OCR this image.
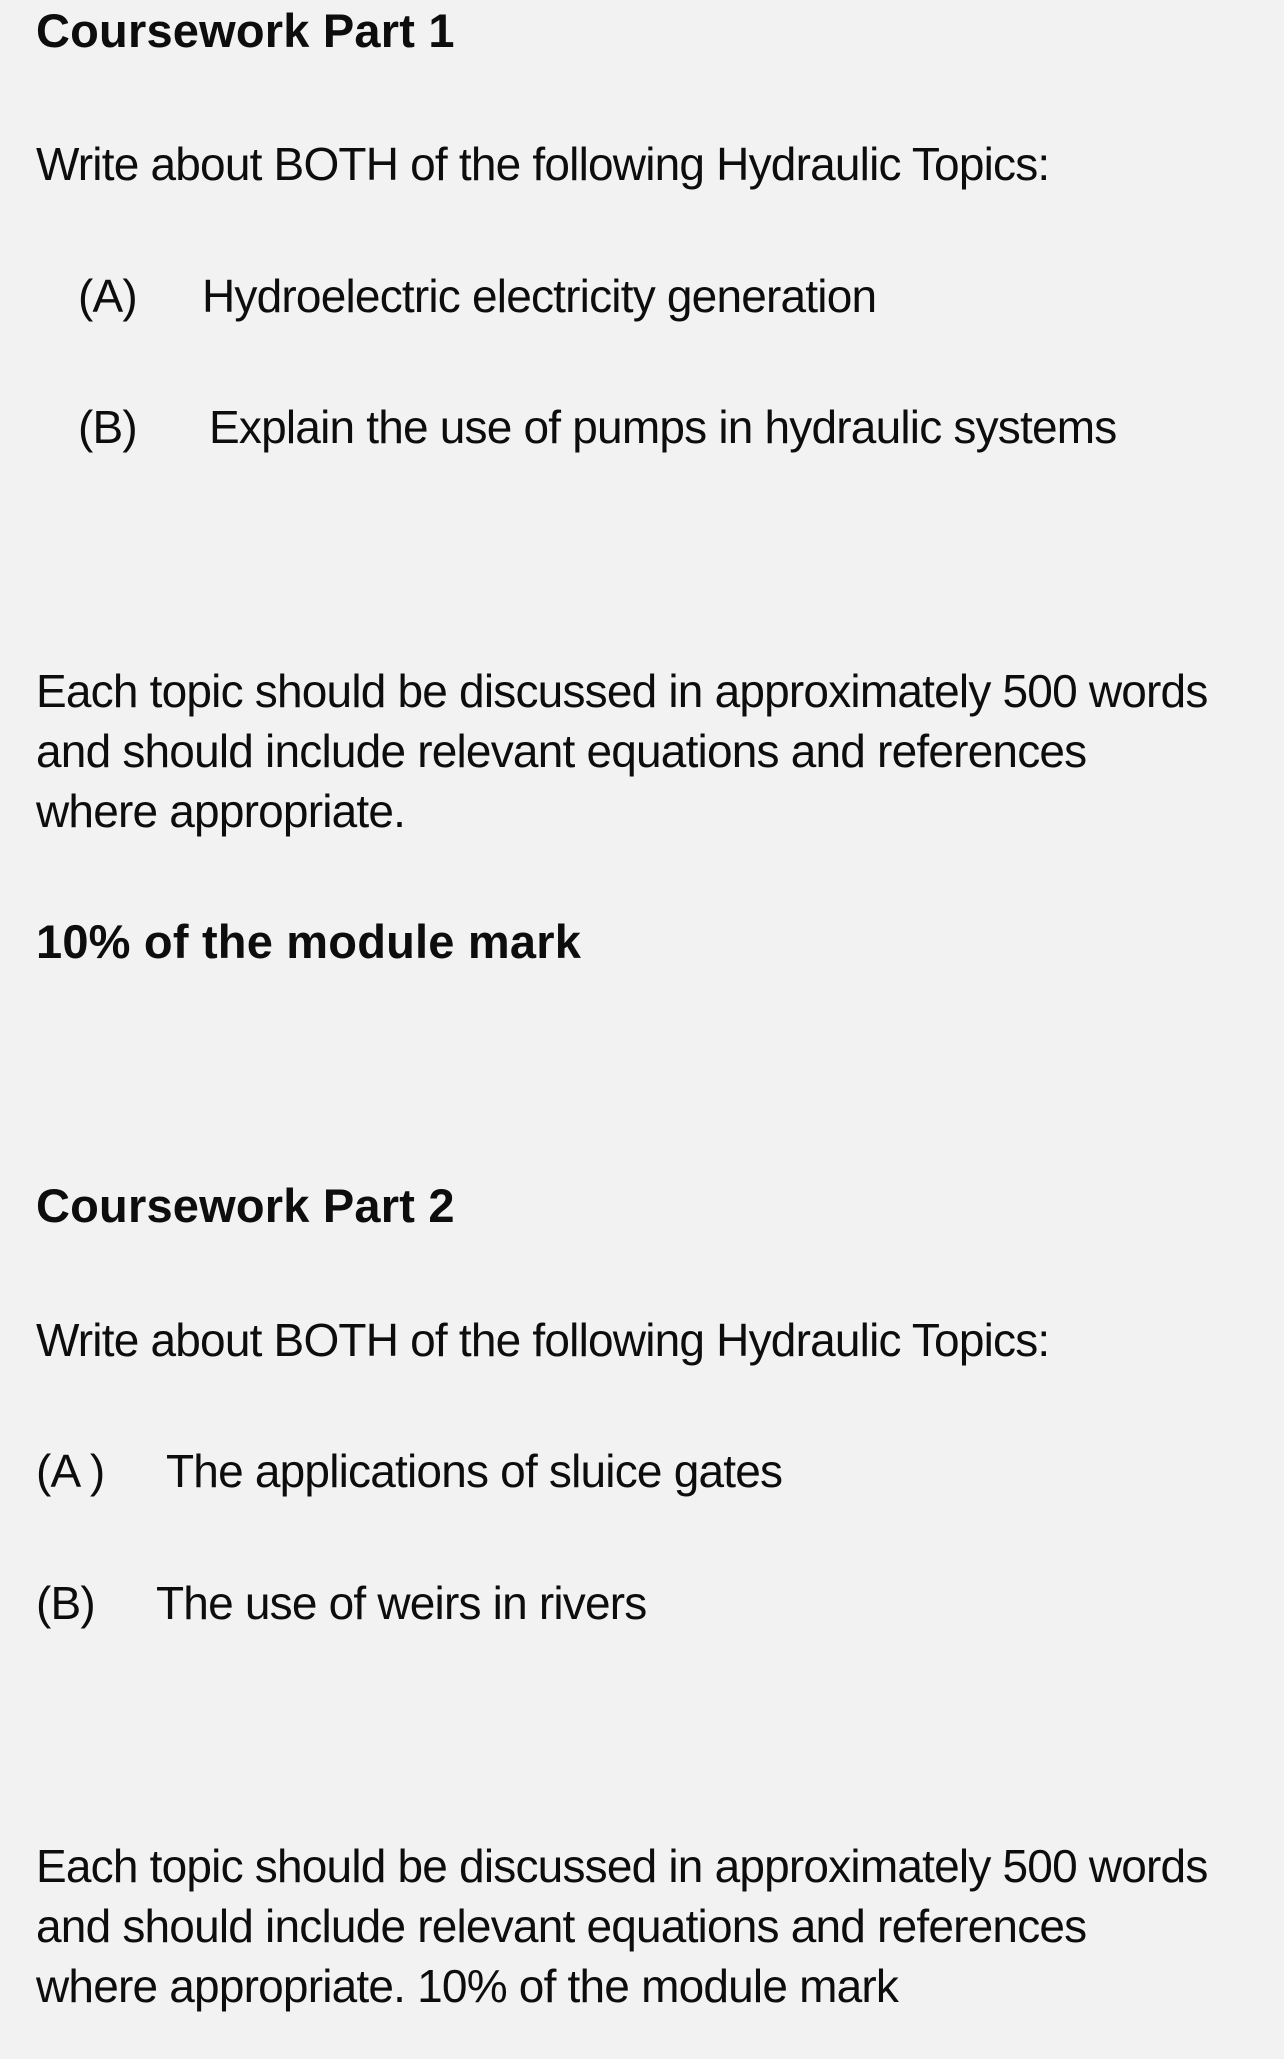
Coursework Part 1
Write about BOTH of the following Hydraulic Topics:
(A) Hydroelectric electricity generation
(B) Explain the use of pumps in hydraulic systems
Each topic should be discussed in approximately 500 words
and should include relevant equations and references
where appropriate.
10% of the module mark
Coursework Part 2
Write about BOTH of the following Hydraulic Topics:
(A ) The applications of sluice gates
(B) The use of weirs in rivers
Each topic should be discussed in approximately 500 words
and should include relevant equations and references
where appropriate. 10% of the module mark
